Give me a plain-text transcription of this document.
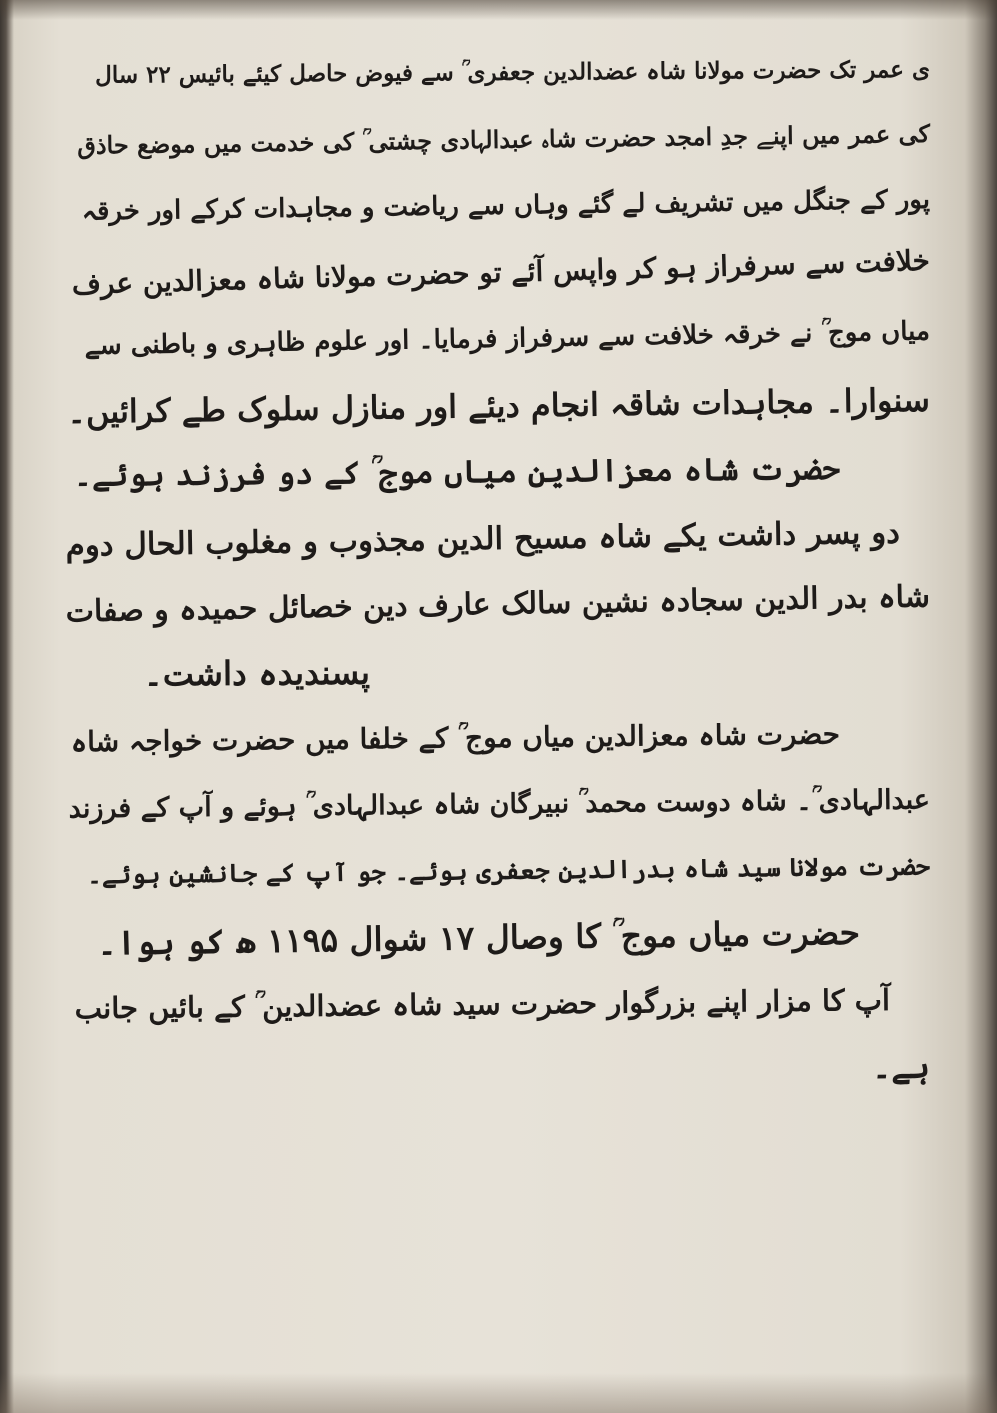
ی عمر تک حضرت مولانا شاہ عضدالدین جعفری ؒ سے فیوض حاصل کیئے بائیس ۲۲ سال
کی عمر میں اپنے جدِ امجد حضرت شاہ عبدالہادی چشتی ؒ کی خدمت میں موضع حاذق
پور کے جنگل میں تشریف لے گئے وہاں سے ریاضت و مجاہدات کرکے اور خرقہ
خلافت سے سرفراز ہو کر واپس آئے تو حضرت مولانا شاہ معزالدین عرف
میاں موج ؒ نے خرقہ خلافت سے سرفراز فرمایا۔ اور علوم ظاہری و باطنی سے
سنوارا۔ مجاہدات شاقہ انجام دیئے اور منازل سلوک طے کرائیں۔
حضرت شاہ معزالدین میاں موج ؒ کے دو فرزند ہوئے۔
دو پسر داشت یکے شاہ مسیح الدین مجذوب و مغلوب الحال دوم
شاہ بدر الدین سجادہ نشین سالک عارف دین خصائل حمیدہ و صفات
پسندیدہ داشت۔
حضرت شاہ معزالدین میاں موج ؒ کے خلفا میں حضرت خواجہ شاہ
عبدالہادی ؒ۔ شاہ دوست محمد ؒ نبیرگان شاہ عبدالہادی ؒ ہوئے و آپ کے فرزند
حضرت مولانا سید شاہ بدرالدین جعفری ہوئے۔ جو آپ کے جانشین ہوئے۔
حضرت میاں موج ؒ کا وصال ۱۷ شوال ۱۱۹۵ ھ کو ہوا۔
آپ کا مزار اپنے بزرگوار حضرت سید شاہ عضدالدین ؒ کے بائیں جانب
ہے۔
